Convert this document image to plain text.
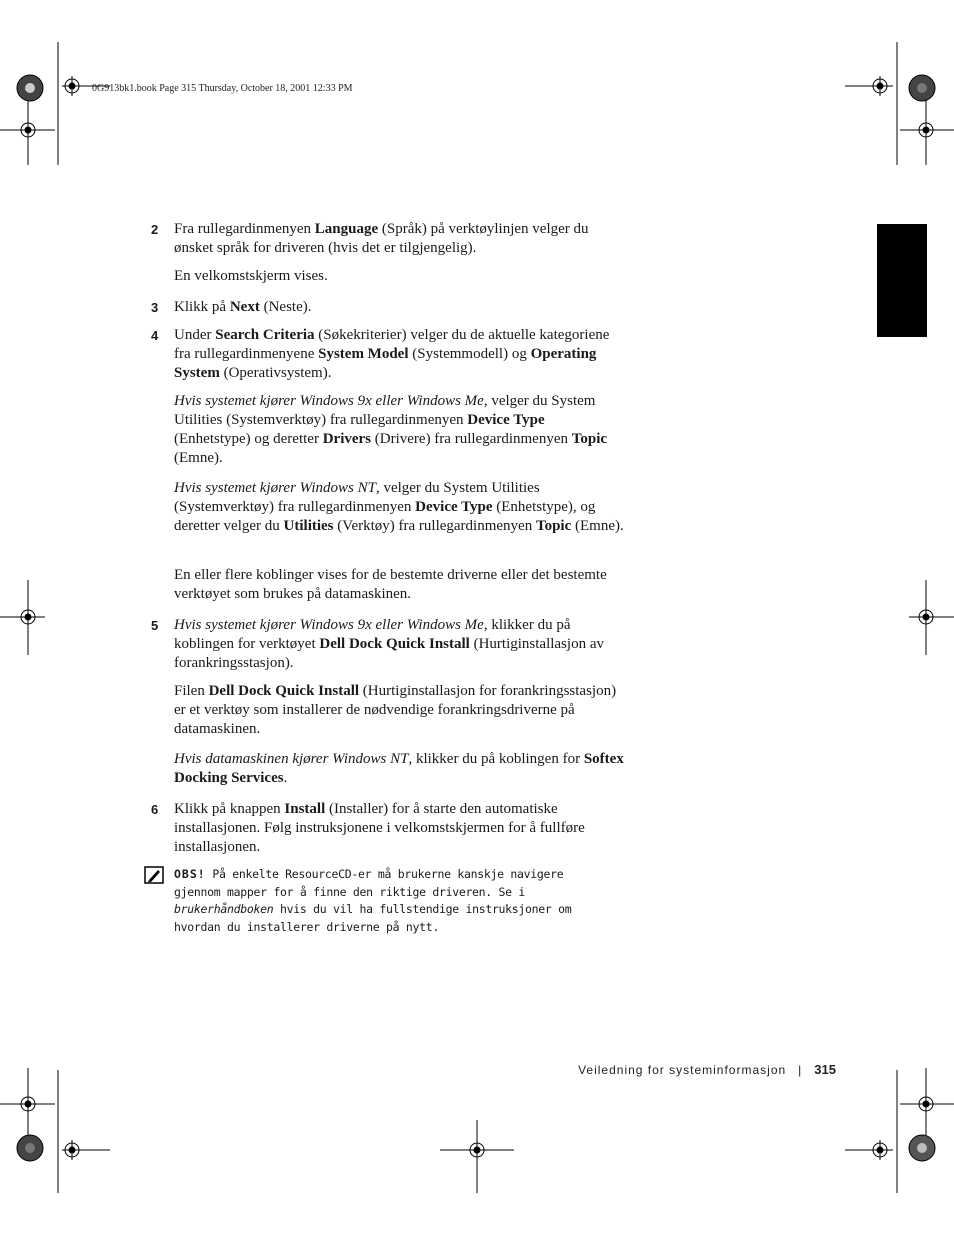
0G913bk1.book Page 315 Thursday, October 18, 2001 12:33 PM
2 Fra rullegardinmenyen Language (Språk) på verktøylinjen velger du ønsket språk for driveren (hvis det er tilgjengelig).
En velkomstskjerm vises.
3 Klikk på Next (Neste).
4 Under Search Criteria (Søkekriterier) velger du de aktuelle kategoriene fra rullegardinmenyene System Model (Systemmodell) og Operating System (Operativsystem).
Hvis systemet kjører Windows 9x eller Windows Me, velger du System Utilities (Systemverktøy) fra rullegardinmenyen Device Type (Enhetstype) og deretter Drivers (Drivere) fra rullegardinmenyen Topic (Emne).
Hvis systemet kjører Windows NT, velger du System Utilities (Systemverktøy) fra rullegardinmenyen Device Type (Enhetstype), og deretter velger du Utilities (Verktøy) fra rullegardinmenyen Topic (Emne).
En eller flere koblinger vises for de bestemte driverne eller det bestemte verktøyet som brukes på datamaskinen.
5 Hvis systemet kjører Windows 9x eller Windows Me, klikker du på koblingen for verktøyet Dell Dock Quick Install (Hurtiginstallasjon av forankringsstasjon).
Filen Dell Dock Quick Install (Hurtiginstallasjon for forankringsstasjon) er et verktøy som installerer de nødvendige forankringsdriverne på datamaskinen.
Hvis datamaskinen kjører Windows NT, klikker du på koblingen for Softex Docking Services.
6 Klikk på knappen Install (Installer) for å starte den automatiske installasjonen. Følg instruksjonene i velkomstskjermen for å fullføre installasjonen.
OBS! På enkelte ResourceCD-er må brukerne kanskje navigere gjennom mapper for å finne den riktige driveren. Se i brukerhåndboken hvis du vil ha fullstendige instruksjoner om hvordan du installerer driverne på nytt.
Veiledning for systeminformasjon | 315
